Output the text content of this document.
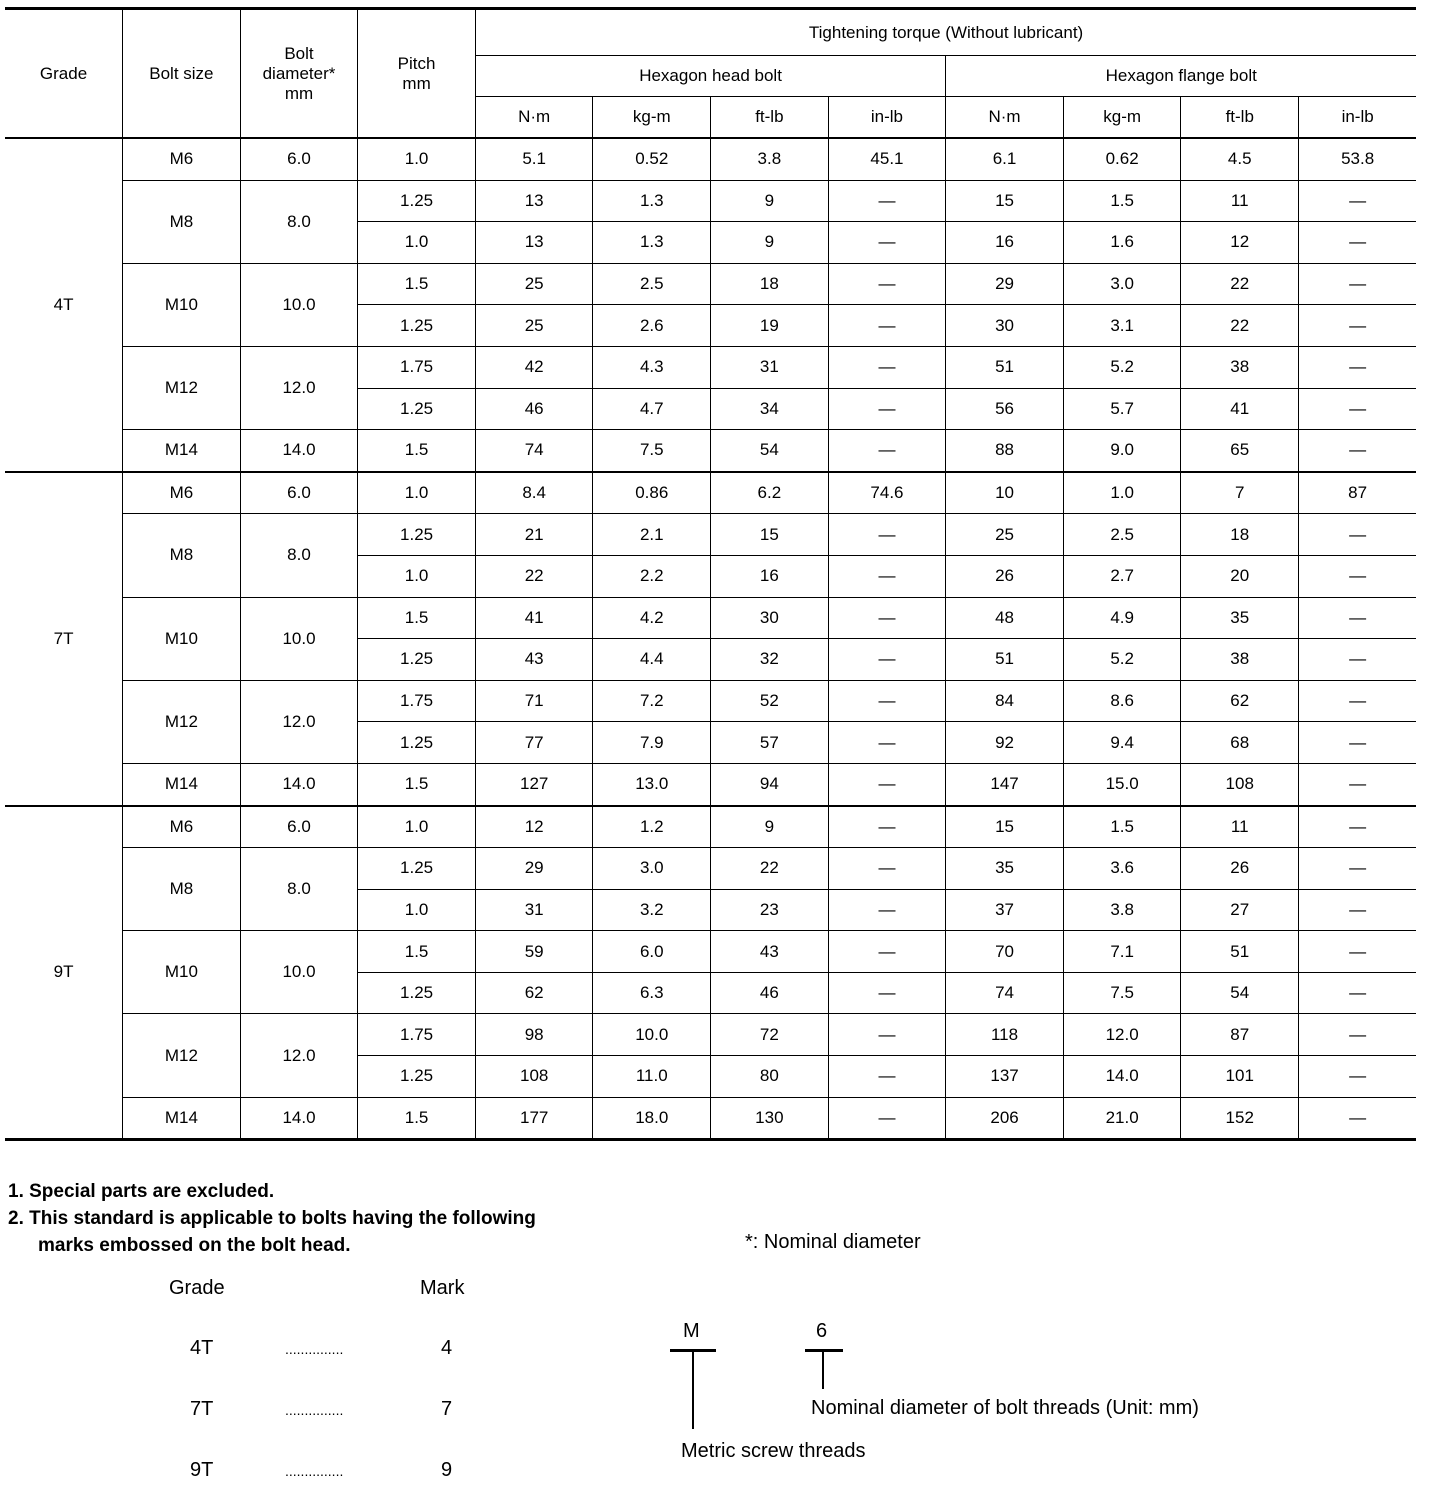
Grade	Bolt size	Bolt diameter* mm	Pitch mm	Tightening torque (Without lubricant)							
				Hexagon head bolt				Hexagon flange bolt			
				N·m	kg-m	ft-lb	in-lb	N·m	kg-m	ft-lb	in-lb
4T	M6	6.0	1.0	5.1	0.52	3.8	45.1	6.1	0.62	4.5	53.8
	M8	8.0	1.25	13	1.3	9	—	15	1.5	11	—
			1.0	13	1.3	9	—	16	1.6	12	—
	M10	10.0	1.5	25	2.5	18	—	29	3.0	22	—
			1.25	25	2.6	19	—	30	3.1	22	—
	M12	12.0	1.75	42	4.3	31	—	51	5.2	38	—
			1.25	46	4.7	34	—	56	5.7	41	—
	M14	14.0	1.5	74	7.5	54	—	88	9.0	65	—
7T	M6	6.0	1.0	8.4	0.86	6.2	74.6	10	1.0	7	87
	M8	8.0	1.25	21	2.1	15	—	25	2.5	18	—
			1.0	22	2.2	16	—	26	2.7	20	—
	M10	10.0	1.5	41	4.2	30	—	48	4.9	35	—
			1.25	43	4.4	32	—	51	5.2	38	—
	M12	12.0	1.75	71	7.2	52	—	84	8.6	62	—
			1.25	77	7.9	57	—	92	9.4	68	—
	M14	14.0	1.5	127	13.0	94	—	147	15.0	108	—
9T	M6	6.0	1.0	12	1.2	9	—	15	1.5	11	—
	M8	8.0	1.25	29	3.0	22	—	35	3.6	26	—
			1.0	31	3.2	23	—	37	3.8	27	—
	M10	10.0	1.5	59	6.0	43	—	70	7.1	51	—
			1.25	62	6.3	46	—	74	7.5	54	—
	M12	12.0	1.75	98	10.0	72	—	118	12.0	87	—
			1.25	108	11.0	80	—	137	14.0	101	—
	M14	14.0	1.5	177	18.0	130	—	206	21.0	152	—
1. Special parts are excluded.
2. This standard is applicable to bolts having the following
marks embossed on the bolt head.	*: Nominal diameter
Grade	Mark
4T	...............	4
7T	...............	7
9T	...............	9
M	6
Nominal diameter of bolt threads (Unit: mm)
Metric screw threads
